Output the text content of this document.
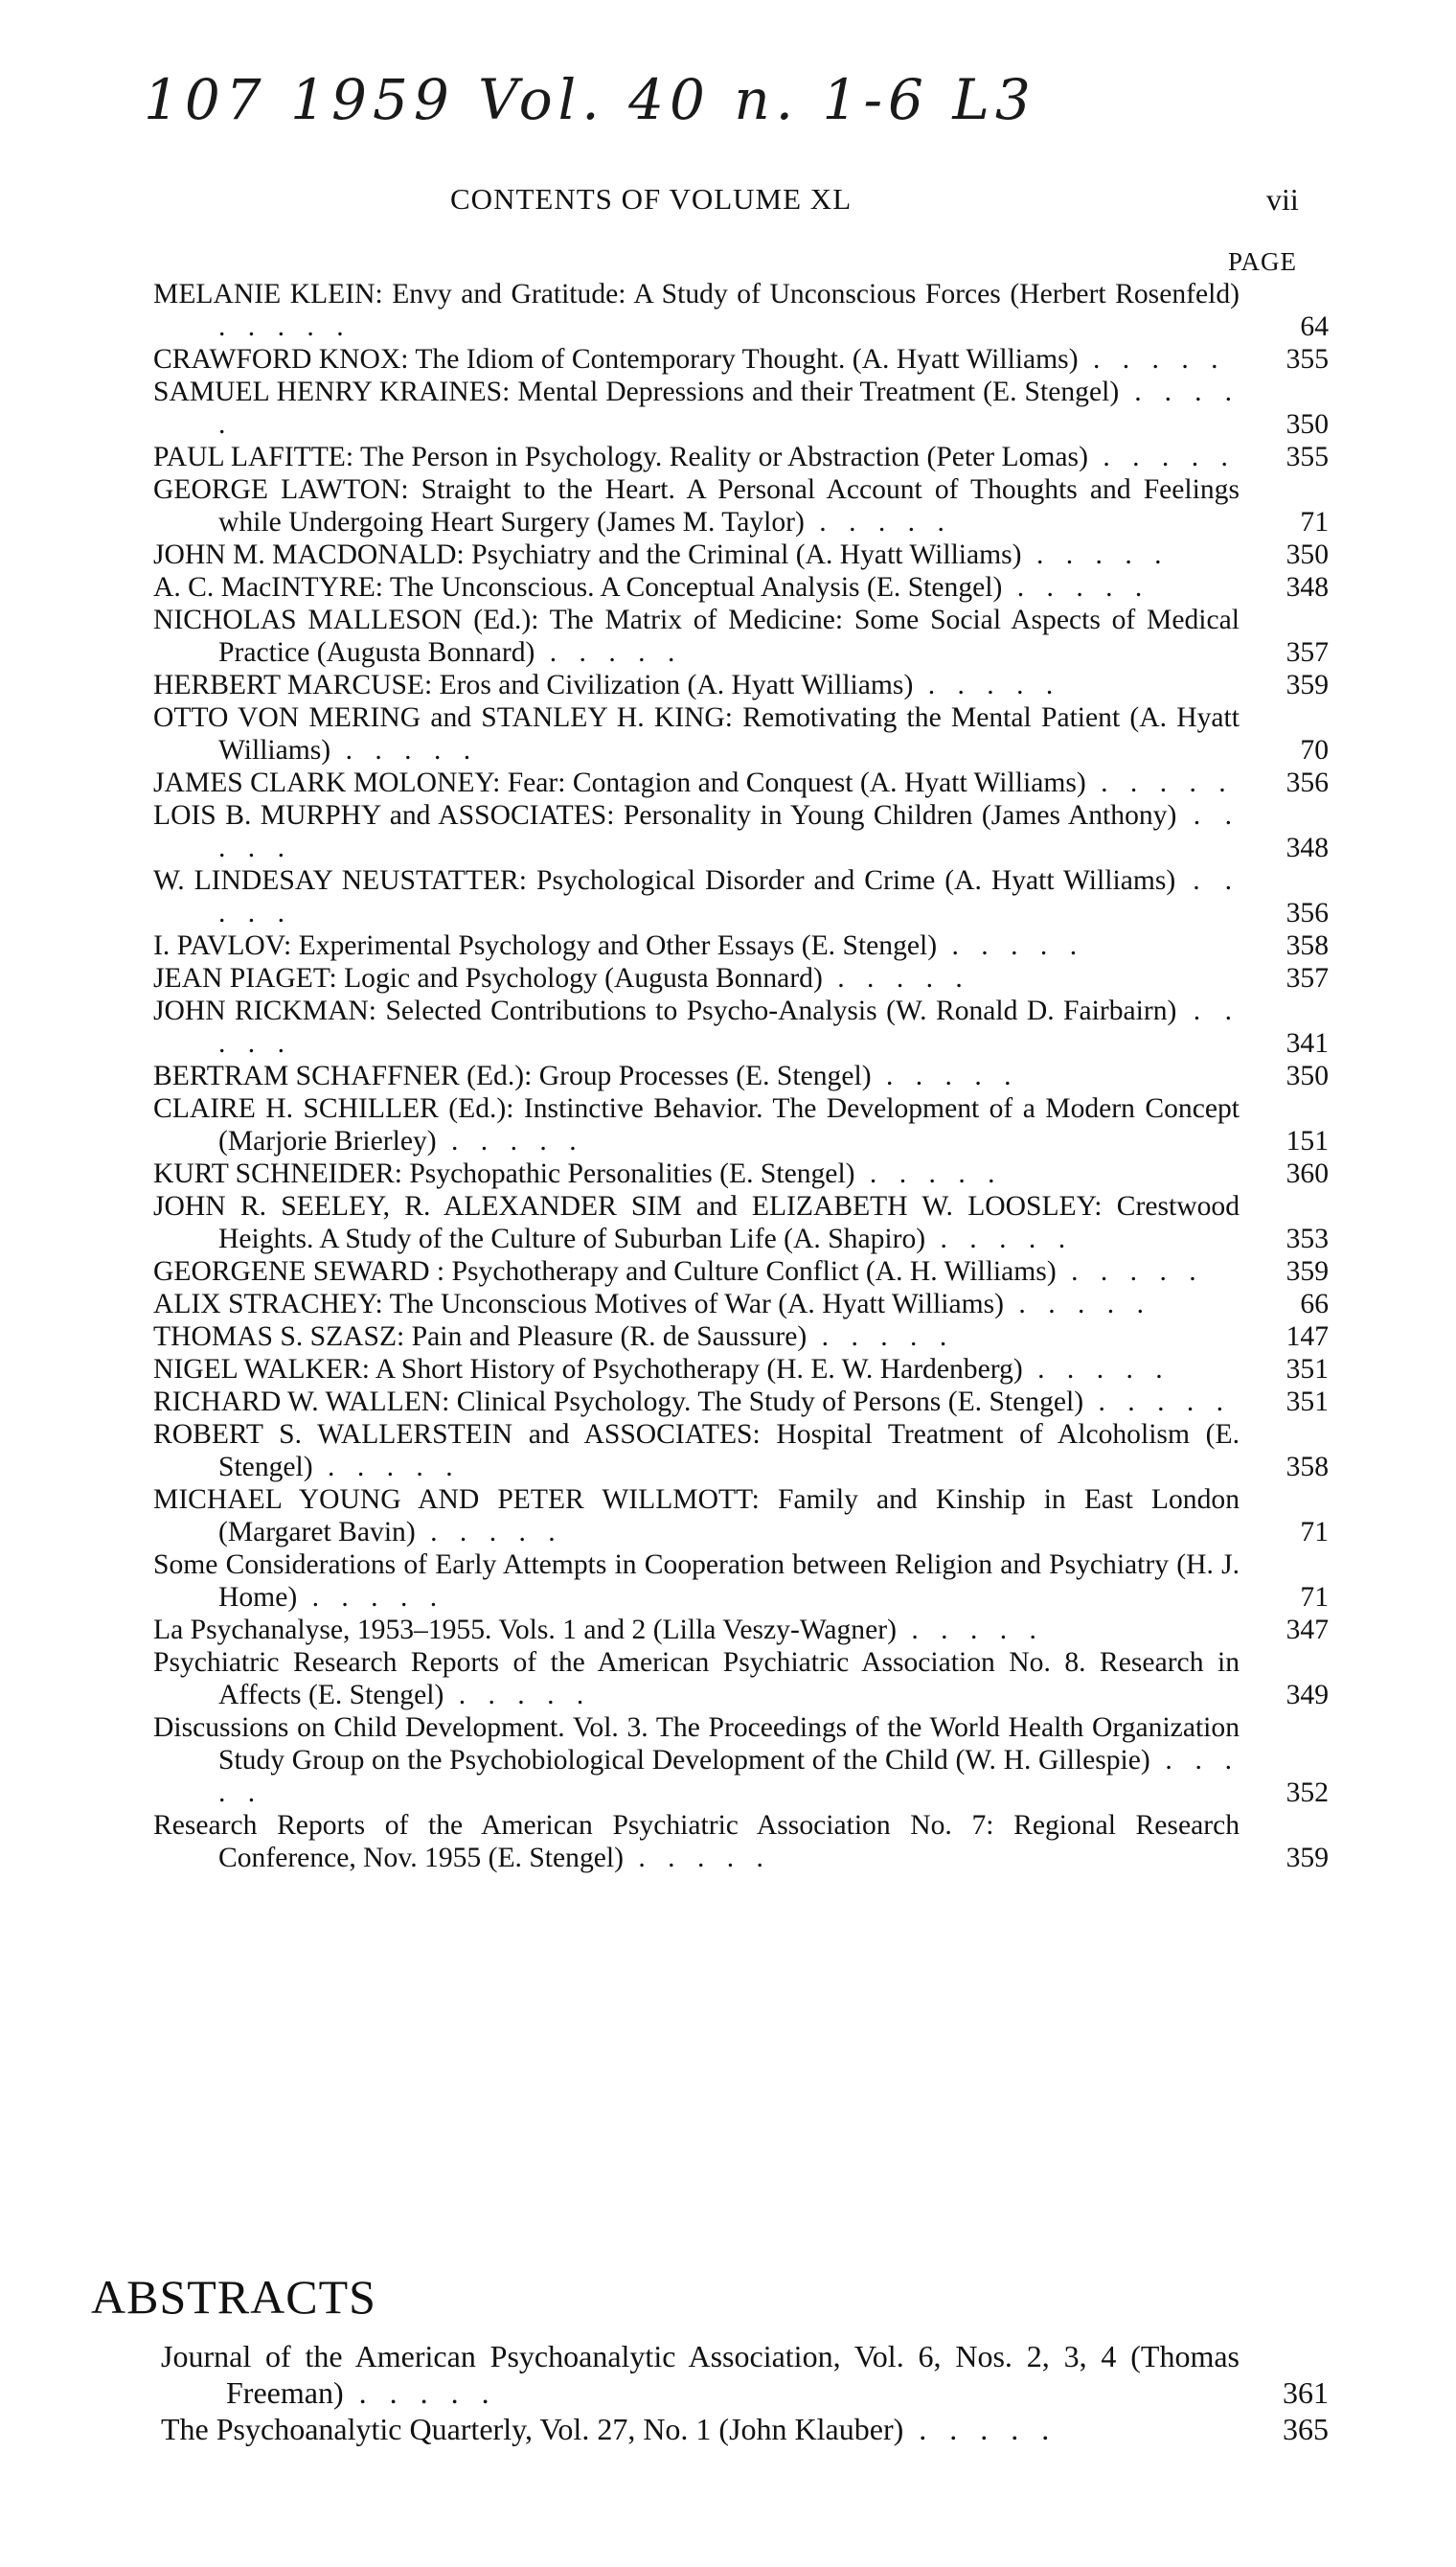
107 1959 Vol. 40 n. 1-6 L3
CONTENTS OF VOLUME XL	vii
PAGE
MELANIE KLEIN: Envy and Gratitude: A Study of Unconscious Forces (Herbert Rosenfeld) . . . . .	64
CRAWFORD KNOX: The Idiom of Contemporary Thought. (A. Hyatt Williams) . . . . .	355
SAMUEL HENRY KRAINES: Mental Depressions and their Treatment (E. Stengel) . . . . .	350
PAUL LAFITTE: The Person in Psychology. Reality or Abstraction (Peter Lomas) . . . . .	355
GEORGE LAWTON: Straight to the Heart. A Personal Account of Thoughts and Feelings while Undergoing Heart Surgery (James M. Taylor) . . . . .	71
JOHN M. MACDONALD: Psychiatry and the Criminal (A. Hyatt Williams) . . . . .	350
A. C. MacINTYRE: The Unconscious. A Conceptual Analysis (E. Stengel) . . . . .	348
NICHOLAS MALLESON (Ed.): The Matrix of Medicine: Some Social Aspects of Medical Practice (Augusta Bonnard) . . . . .	357
HERBERT MARCUSE: Eros and Civilization (A. Hyatt Williams) . . . . .	359
OTTO VON MERING and STANLEY H. KING: Remotivating the Mental Patient (A. Hyatt Williams) . . . . .	70
JAMES CLARK MOLONEY: Fear: Contagion and Conquest (A. Hyatt Williams) . . . . .	356
LOIS B. MURPHY and ASSOCIATES: Personality in Young Children (James Anthony) . . . . .	348
W. LINDESAY NEUSTATTER: Psychological Disorder and Crime (A. Hyatt Williams) . . . . .	356
I. PAVLOV: Experimental Psychology and Other Essays (E. Stengel) . . . . .	358
JEAN PIAGET: Logic and Psychology (Augusta Bonnard) . . . . .	357
JOHN RICKMAN: Selected Contributions to Psycho-Analysis (W. Ronald D. Fairbairn) . . . . .	341
BERTRAM SCHAFFNER (Ed.): Group Processes (E. Stengel) . . . . .	350
CLAIRE H. SCHILLER (Ed.): Instinctive Behavior. The Development of a Modern Concept (Marjorie Brierley) . . . . .	151
KURT SCHNEIDER: Psychopathic Personalities (E. Stengel) . . . . .	360
JOHN R. SEELEY, R. ALEXANDER SIM and ELIZABETH W. LOOSLEY: Crestwood Heights. A Study of the Culture of Suburban Life (A. Shapiro) . . . . .	353
GEORGENE SEWARD : Psychotherapy and Culture Conflict (A. H. Williams) . . . . .	359
ALIX STRACHEY: The Unconscious Motives of War (A. Hyatt Williams) . . . . .	66
THOMAS S. SZASZ: Pain and Pleasure (R. de Saussure) . . . . .	147
NIGEL WALKER: A Short History of Psychotherapy (H. E. W. Hardenberg) . . . . .	351
RICHARD W. WALLEN: Clinical Psychology. The Study of Persons (E. Stengel) . . . . .	351
ROBERT S. WALLERSTEIN and ASSOCIATES: Hospital Treatment of Alcoholism (E. Stengel) . . . . .	358
MICHAEL YOUNG AND PETER WILLMOTT: Family and Kinship in East London (Margaret Bavin) . . . . .	71
Some Considerations of Early Attempts in Cooperation between Religion and Psychiatry (H. J. Home) . . . . .	71
La Psychanalyse, 1953–1955. Vols. 1 and 2 (Lilla Veszy-Wagner) . . . . .	347
Psychiatric Research Reports of the American Psychiatric Association No. 8. Research in Affects (E. Stengel) . . . . .	349
Discussions on Child Development. Vol. 3. The Proceedings of the World Health Organization Study Group on the Psychobiological Development of the Child (W. H. Gillespie) . . . . .	352
Research Reports of the American Psychiatric Association No. 7: Regional Research Conference, Nov. 1955 (E. Stengel) . . . . .	359
ABSTRACTS
Journal of the American Psychoanalytic Association, Vol. 6, Nos. 2, 3, 4 (Thomas Freeman) . . . . .	361
The Psychoanalytic Quarterly, Vol. 27, No. 1 (John Klauber) . . . . .	365
